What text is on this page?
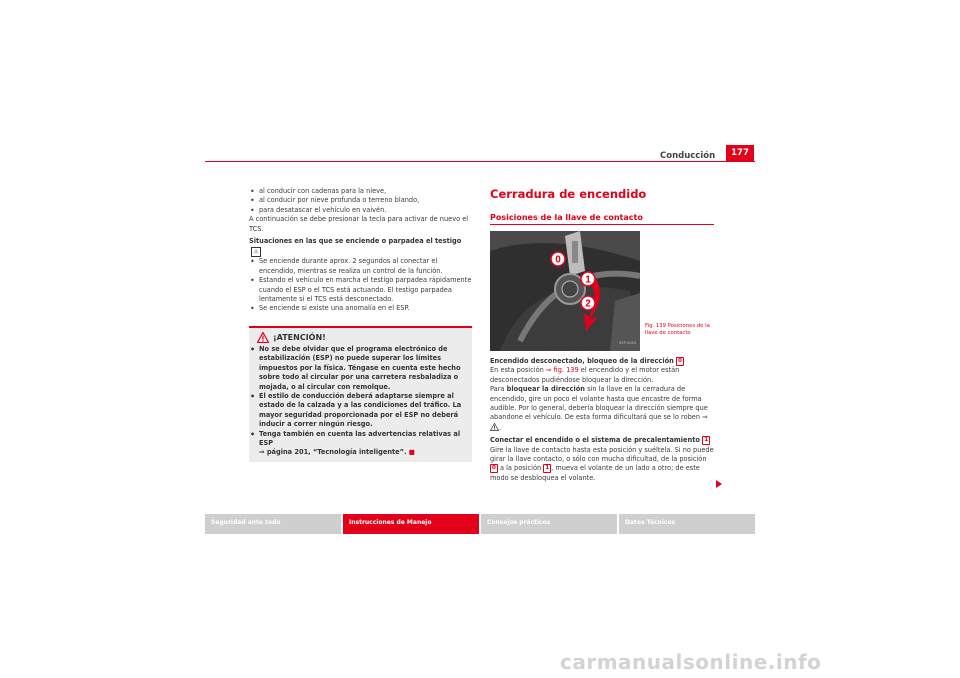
Conducción	177

• al conducir con cadenas para la nieve,

• al conducir por nieve profunda o terreno blando,

• para desatascar el vehículo en vaivén.

A continuación se debe presionar la tecla para activar de nuevo el TCS.

Situaciones en las que se enciende o parpadea el testigo⚠

• Se enciende durante aprox. 2 segundos al conectar el encendido, mientras se realiza un control de la función.

• Estando el vehículo en marcha el testigo parpadea rápidamente cuando el ESP o el TCS está actuando. El testigo parpadea lentamente si el TCS está desconectado.

• Se enciende si existe una anomalía en el ESP.

¡ATENCIÓN!

• No se debe olvidar que el programa electrónico de estabilización (ESP) no puede superar los límites impuestos por la física. Téngase en cuenta este hecho sobre todo al circular por una carretera resbaladiza o mojada, o al circular con remolque.

• El estilo de conducción deberá adaptarse siempre al estado de la calzada y a las condiciones del tráfico. La mayor seguridad proporcionada por el ESP no deberá inducir a correr ningún riesgo.

• Tenga también en cuenta las advertencias relativas al ESP
⇒ página 201, “Tecnología inteligente”. ■

Cerradura de encendido
Posiciones de la llave de contacto
0
1
2
B5P-0084
Fig. 139 Posiciones de la llave de contacto

Encendido desconectado, bloqueo de la dirección 0

En esta posición ⇒ fig. 139 el encendido y el motor están desconectados pudiéndose bloquear la dirección.

Para bloquear la dirección sin la llave en la cerradura de encendido, gire un poco el volante hasta que encastre de forma audible. Por lo general, debería bloquear la dirección siempre que abandone el vehículo. De esta forma dificultará que se lo roben ⇒ .

Conectar el encendido o el sistema de precalentamiento 1

Gire la llave de contacto hasta esta posición y suéltela. Si no puede girar la llave contacto, o sólo con mucha dificultad, de la posición 0 a la posición 1 , mueva el volante de un lado a otro; de este modo se desbloquea el volante.

Seguridad ante todo	Instrucciones de Manejo	Consejos prácticos	Datos Técnicos
carmanualsonline.info
